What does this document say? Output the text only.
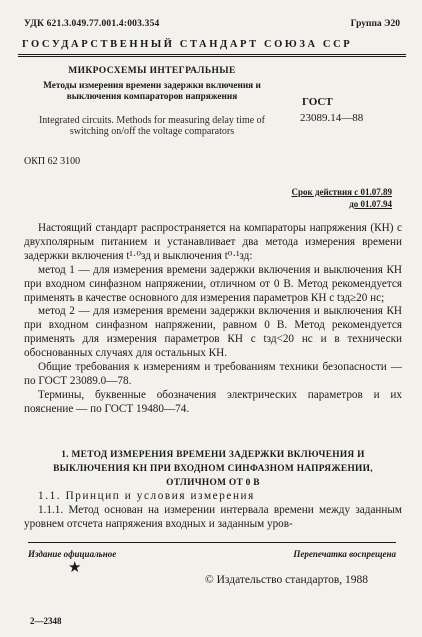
УДК 621.3.049.77.001.4:003.354	Группа Э20
ГОСУДАРСТВЕННЫЙ СТАНДАРТ СОЮЗА ССР
МИКРОСХЕМЫ ИНТЕГРАЛЬНЫЕ
Методы измерения времени задержки включения и выключения компараторов напряжения
Integrated circuits. Methods for measuring delay time of switching on/off the voltage comparators
ГОСТ
23089.14—88
ОКП 62 3100
Срок действия с 01.07.89
до 01.07.94

Настоящий стандарт распространяется на компараторы напряжения (КН) с двухполярным питанием и устанавливает два метода измерения времени задержки включения t¹·⁰зд и выключения t⁰·¹зд:

метод 1 — для измерения времени задержки включения и выключения КН при входном синфазном напряжении, отличном от 0 В. Метод рекомендуется применять в качестве основного для измерения параметров КН с tзд≥20 нс;

метод 2 — для измерения времени задержки включения и выключения КН при входном синфазном напряжении, равном 0 В. Метод рекомендуется применять для измерения параметров КН с tзд<20 нс и в технически обоснованных случаях для остальных КН.

Общие требования к измерениям и требованиям техники безопасности — по ГОСТ 23089.0—78.

Термины, буквенные обозначения электрических параметров и их пояснение — по ГОСТ 19480—74.

1. МЕТОД ИЗМЕРЕНИЯ ВРЕМЕНИ ЗАДЕРЖКИ ВКЛЮЧЕНИЯ И ВЫКЛЮЧЕНИЯ КН ПРИ ВХОДНОМ СИНФАЗНОМ НАПРЯЖЕНИИ, ОТЛИЧНОМ ОТ 0 В

1.1. Принцип и условия измерения

1.1.1. Метод основан на измерении интервала времени между заданным уровнем отсчета напряжения входных и заданным уров-

Издание официальное	Перепечатка воспрещена
★
© Издательство стандартов, 1988
2—2348
